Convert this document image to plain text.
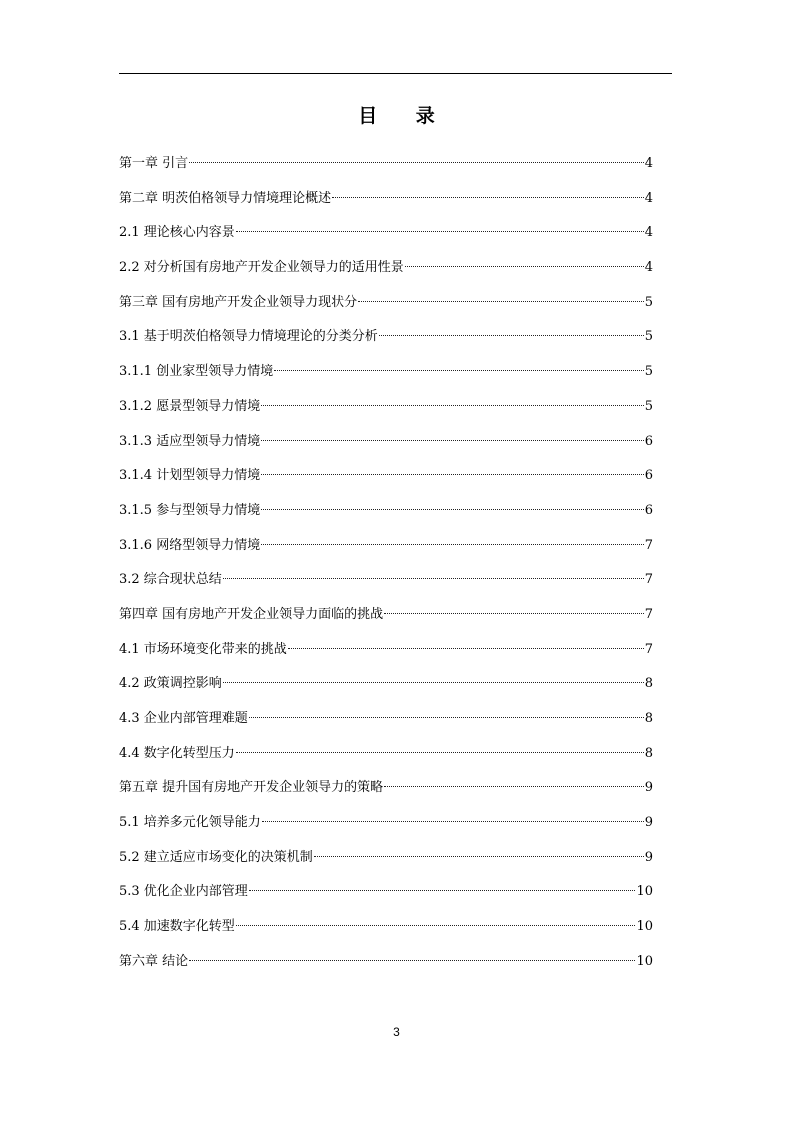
目 录
第一章 引言	4
第二章 明茨伯格领导力情境理论概述	4
2.1 理论核心内容景	4
2.2 对分析国有房地产开发企业领导力的适用性景	4
第三章 国有房地产开发企业领导力现状分	5
3.1 基于明茨伯格领导力情境理论的分类分析	5
3.1.1 创业家型领导力情境	5
3.1.2 愿景型领导力情境	5
3.1.3 适应型领导力情境	6
3.1.4 计划型领导力情境	6
3.1.5 参与型领导力情境	6
3.1.6 网络型领导力情境	7
3.2 综合现状总结	7
第四章 国有房地产开发企业领导力面临的挑战	7
4.1 市场环境变化带来的挑战	7
4.2 政策调控影响	8
4.3 企业内部管理难题	8
4.4 数字化转型压力	8
第五章 提升国有房地产开发企业领导力的策略	9
5.1 培养多元化领导能力	9
5.2 建立适应市场变化的决策机制	9
5.3 优化企业内部管理	10
5.4 加速数字化转型	10
第六章 结论	10
3
